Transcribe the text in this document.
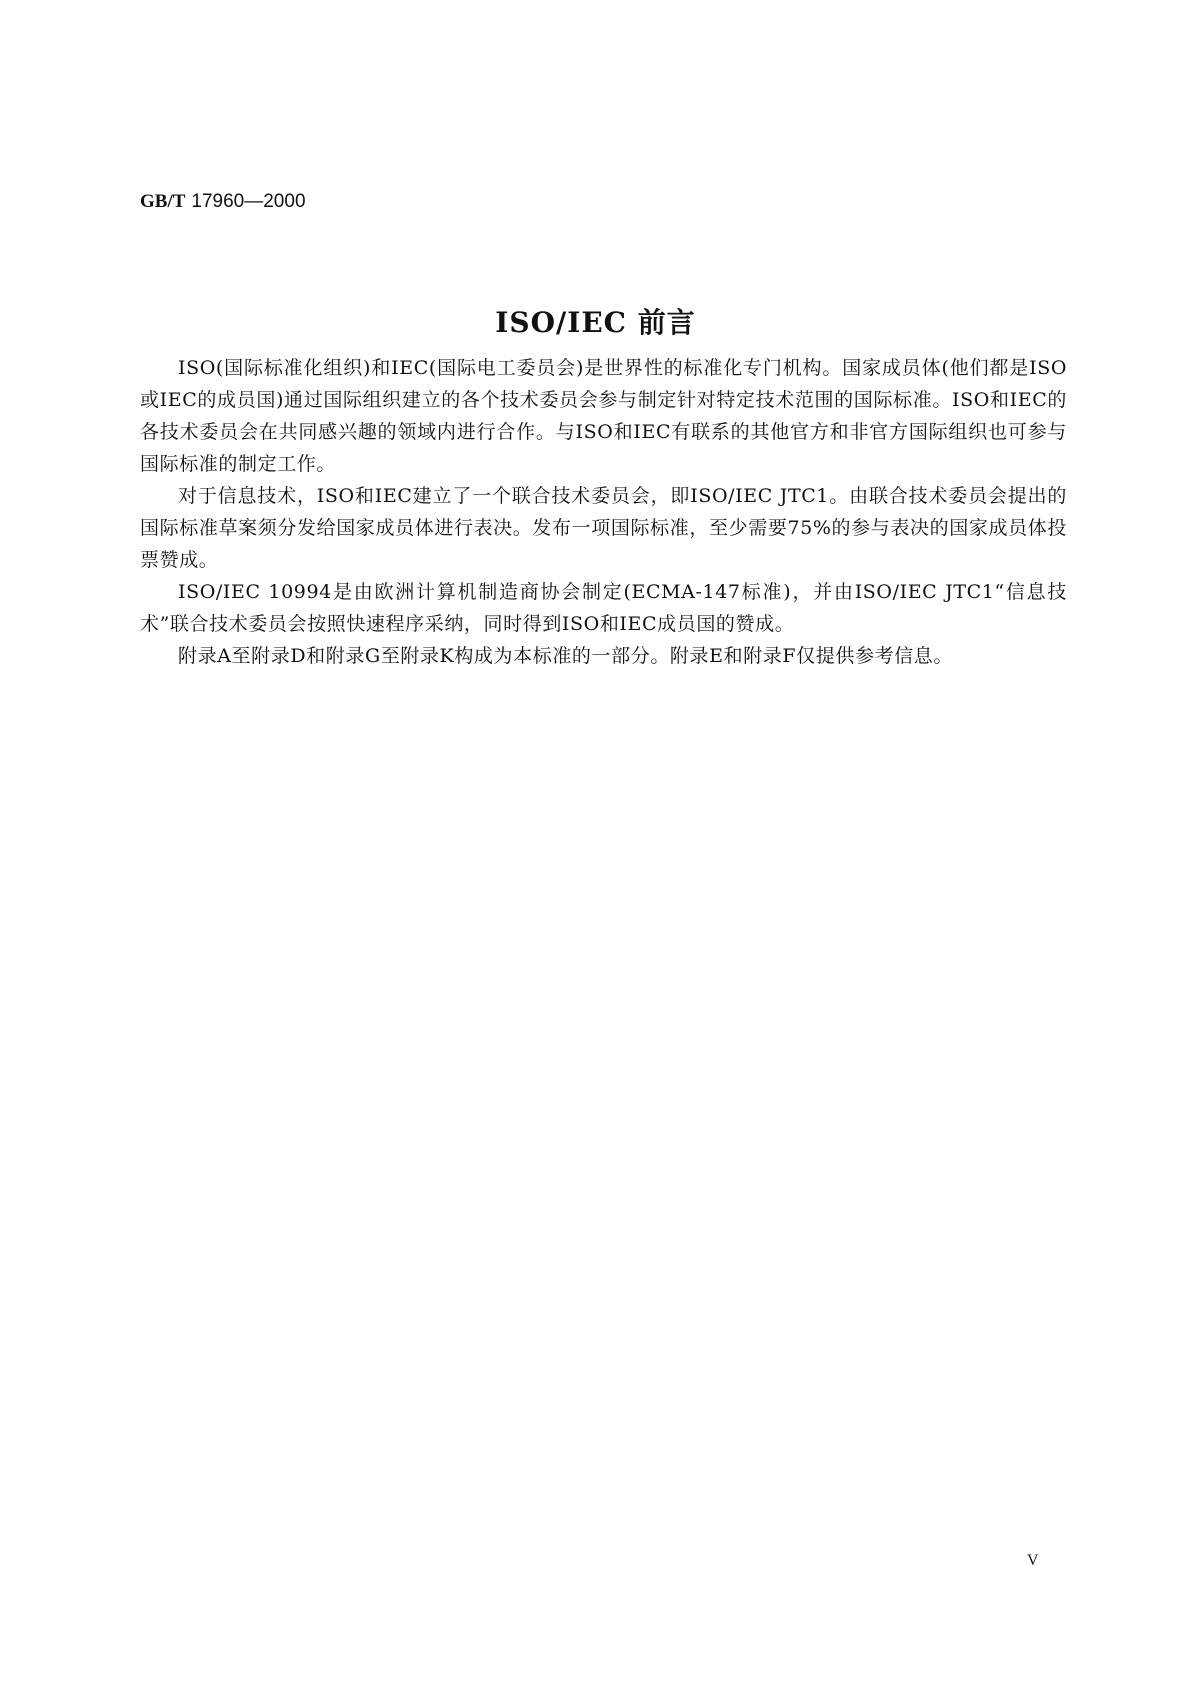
GB/T 17960—2000
ISO/IEC 前言

ISO(国际标准化组织)和IEC(国际电工委员会)是世界性的标准化专门机构。国家成员体(他们都是ISO或IEC的成员国)通过国际组织建立的各个技术委员会参与制定针对特定技术范围的国际标准。ISO和IEC的各技术委员会在共同感兴趣的领域内进行合作。与ISO和IEC有联系的其他官方和非官方国际组织也可参与国际标准的制定工作。

对于信息技术，ISO和IEC建立了一个联合技术委员会，即ISO/IEC JTC1。由联合技术委员会提出的国际标准草案须分发给国家成员体进行表决。发布一项国际标准，至少需要75%的参与表决的国家成员体投票赞成。

ISO/IEC 10994是由欧洲计算机制造商协会制定(ECMA-147标准)，并由ISO/IEC JTC1“信息技术”联合技术委员会按照快速程序采纳，同时得到ISO和IEC成员国的赞成。

附录A至附录D和附录G至附录K构成为本标准的一部分。附录E和附录F仅提供参考信息。

V
